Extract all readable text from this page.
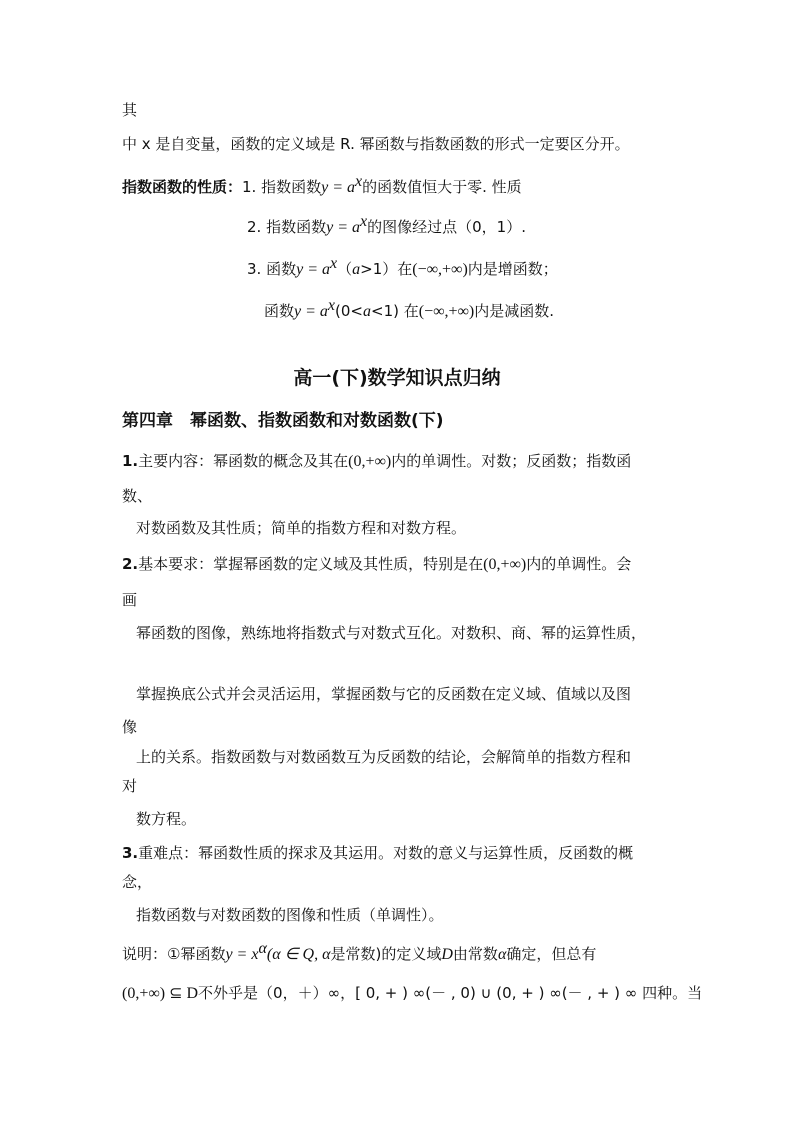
其
中 x 是自变量，函数的定义域是 R. 幂函数与指数函数的形式一定要区分开。
指数函数的性质：1. 指数函数$y = a^x$的函数值恒大于零. 性质
2. 指数函数$y = a^x$的图像经过点（0，1）.
3. 函数$y = a^x(a>1)$在(−∞,+∞)内是增函数；
函数$y = a^x(0<a<1)$ 在(−∞,+∞)内是减函数.
高一(下)数学知识点归纳
第四章　幂函数、指数函数和对数函数(下)
1.主要内容：幂函数的概念及其在(0,+∞)内的单调性。对数；反函数；指数函
数、
对数函数及其性质；简单的指数方程和对数方程。
2.基本要求：掌握幂函数的定义域及其性质，特别是在(0,+∞)内的单调性。会
画
幂函数的图像，熟练地将指数式与对数式互化。对数积、商、幂的运算性质，
掌握换底公式并会灵活运用，掌握函数与它的反函数在定义域、值域以及图
像
上的关系。指数函数与对数函数互为反函数的结论，会解简单的指数方程和
对
数方程。
3.重难点：幂函数性质的探求及其运用。对数的意义与运算性质，反函数的概
念，
指数函数与对数函数的图像和性质（单调性）。
说明：①幂函数$y = x^\alpha(\alpha$ ∈ Q, α是常数)的定义域D由常数α确定，但总有
(0,+∞) ⊆ D不外乎是（0，＋）∞，[ 0, + ) ∞(－ , 0) ∪ (0, + ) ∞(－ , + ) ∞ 四种。当
